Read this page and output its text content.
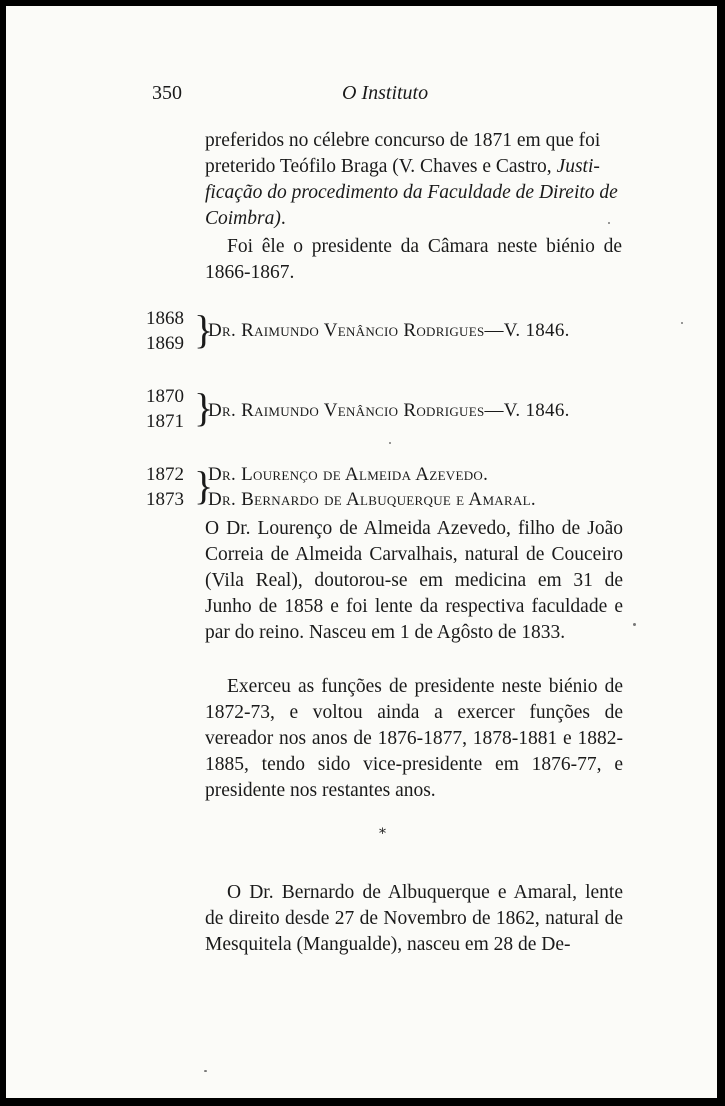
350	O Instituto
preferidos no célebre concurso de 1871 em que foi
preterido Teófilo Braga (V. Chaves e Castro, Justi-
ficação do procedimento da Faculdade de Direito de
Coimbra).
Foi êle o presidente da Câmara neste biénio de 1866-1867.
1868
1869 }
Dr. Raimundo Venâncio Rodrigues—V. 1846.
1870
1871 }
Dr. Raimundo Venâncio Rodrigues—V. 1846.
1872
1873 }
Dr. Lourenço de Almeida Azevedo.
Dr. Bernardo de Albuquerque e Amaral.
O Dr. Lourenço de Almeida Azevedo, filho de João Correia de Almeida Carvalhais, natural de Couceiro (Vila Real), doutorou-se em medicina em 31 de Junho de 1858 e foi lente da respectiva faculdade e par do reino. Nasceu em 1 de Agôsto de 1833.
Exerceu as funções de presidente neste biénio de 1872-73, e voltou ainda a exercer funções de vereador nos anos de 1876-1877, 1878-1881 e 1882-1885, tendo sido vice-presidente em 1876-77, e presidente nos restantes anos.
*
O Dr. Bernardo de Albuquerque e Amaral, lente de direito desde 27 de Novembro de 1862, natural de Mesquitela (Mangualde), nasceu em 28 de De-
